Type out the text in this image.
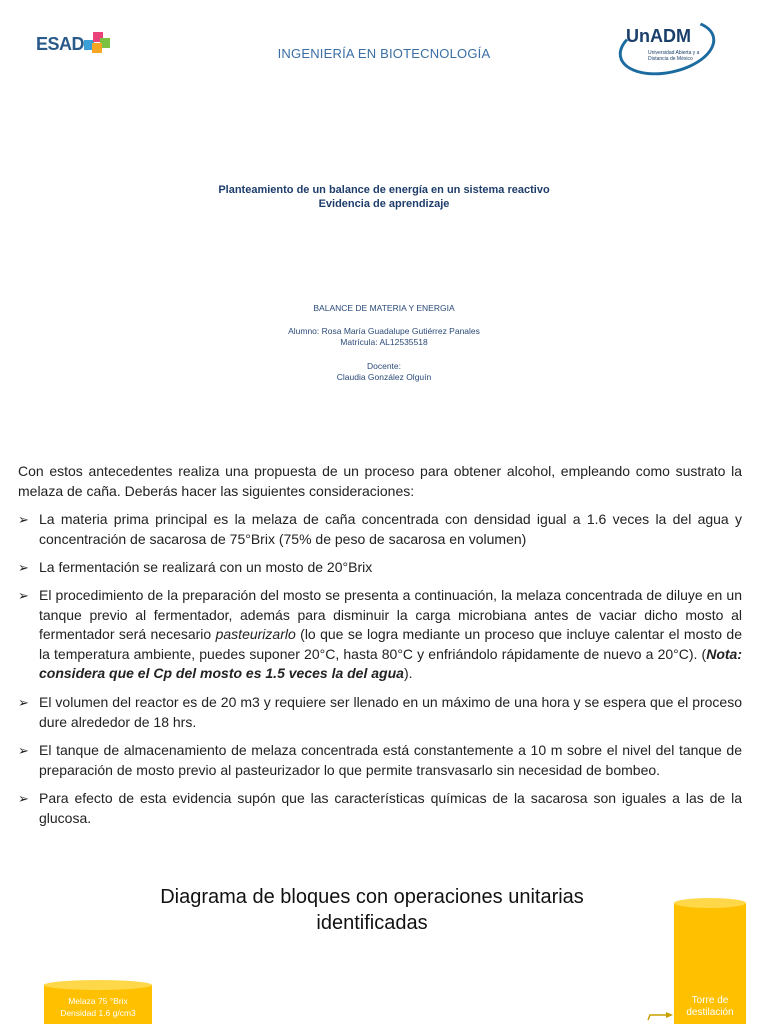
ESAD	INGENIERÍA EN BIOTECNOLOGÍA
UnADM
Universidad Abierta y a Distancia de México
Planteamiento de un balance de energía en un sistema reactivo
Evidencia de aprendizaje
BALANCE DE MATERIA Y ENERGIA
Alumno: Rosa María Guadalupe Gutiérrez Panales
Matrícula: AL12535518
Docente:
Claudia González Olguín
Con estos antecedentes realiza una propuesta de un proceso para obtener alcohol, empleando como sustrato la melaza de caña. Deberás hacer las siguientes consideraciones:
➢ La materia prima principal es la melaza de caña concentrada con densidad igual a 1.6 veces la del agua y concentración de sacarosa de 75°Brix (75% de peso de sacarosa en volumen)
➢ La fermentación se realizará con un mosto de 20°Brix
➢ El procedimiento de la preparación del mosto se presenta a continuación, la melaza concentrada de diluye en un tanque previo al fermentador, además para disminuir la carga microbiana antes de vaciar dicho mosto al fermentador será necesario pasteurizarlo (lo que se logra mediante un proceso que incluye calentar el mosto de la temperatura ambiente, puedes suponer 20°C, hasta 80°C y enfriándolo rápidamente de nuevo a 20°C). (Nota: considera que el Cp del mosto es 1.5 veces la del agua).
➢ El volumen del reactor es de 20 m3 y requiere ser llenado en un máximo de una hora y se espera que el proceso dure alrededor de 18 hrs.
➢ El tanque de almacenamiento de melaza concentrada está constantemente a 10 m sobre el nivel del tanque de preparación de mosto previo al pasteurizador lo que permite transvasarlo sin necesidad de bombeo.
➢ Para efecto de esta evidencia supón que las características químicas de la sacarosa son iguales a las de la glucosa.
Diagrama de bloques con operaciones unitarias
identificadas
Melaza 75 °Brix
Densidad 1.6 g/cm3
Torre de
destilación
